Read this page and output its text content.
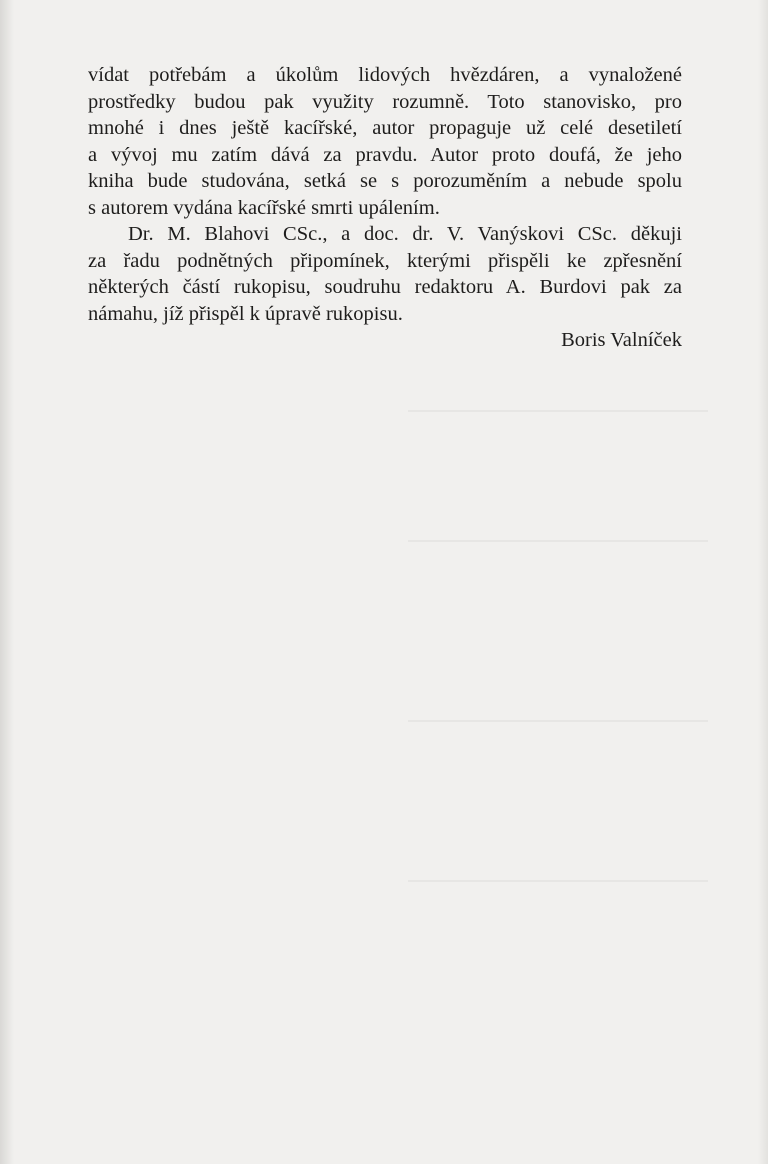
vídat potřebám a úkolům lidových hvězdáren, a vynaložené
prostředky budou pak využity rozumně. Toto stanovisko, pro
mnohé i dnes ještě kacířské, autor propaguje už celé desetiletí
a vývoj mu zatím dává za pravdu. Autor proto doufá, že jeho
kniha bude studována, setká se s porozuměním a nebude spolu
s autorem vydána kacířské smrti upálením.

Dr. M. Blahovi CSc., a doc. dr. V. Vanýskovi CSc. děkuji
za řadu podnětných připomínek, kterými přispěli ke zpřesnění
některých částí rukopisu, soudruhu redaktoru A. Burdovi pak za
námahu, jíž přispěl k úpravě rukopisu.

Boris Valníček
